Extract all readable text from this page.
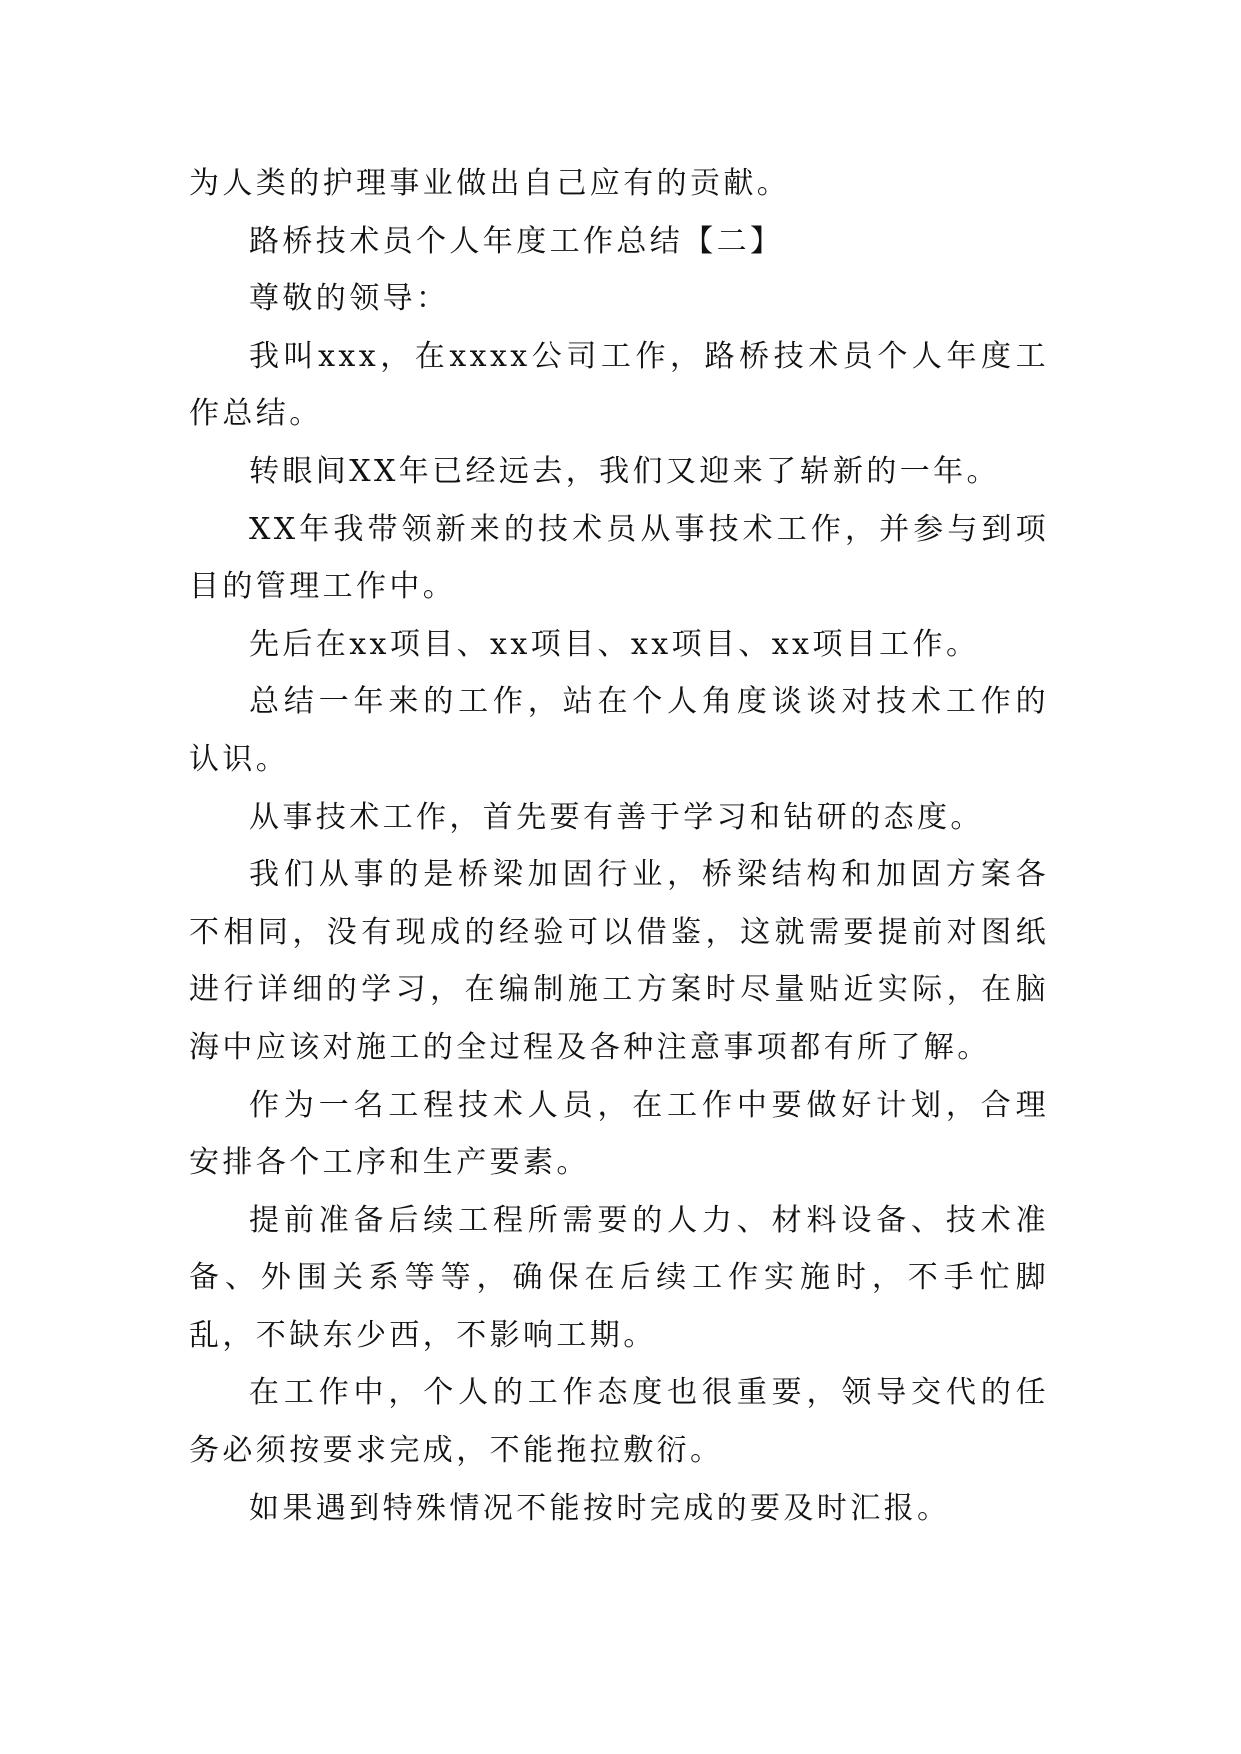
为人类的护理事业做出自己应有的贡献。

路桥技术员个人年度工作总结【二】

尊敬的领导：

我叫xxx，在xxxx公司工作，路桥技术员个人年度工作总结。

转眼间XX年已经远去，我们又迎来了崭新的一年。

XX年我带领新来的技术员从事技术工作，并参与到项目的管理工作中。

先后在xx项目、xx项目、xx项目、xx项目工作。

总结一年来的工作，站在个人角度谈谈对技术工作的认识。

从事技术工作，首先要有善于学习和钻研的态度。

我们从事的是桥梁加固行业，桥梁结构和加固方案各不相同，没有现成的经验可以借鉴，这就需要提前对图纸进行详细的学习，在编制施工方案时尽量贴近实际，在脑海中应该对施工的全过程及各种注意事项都有所了解。

作为一名工程技术人员，在工作中要做好计划，合理安排各个工序和生产要素。

提前准备后续工程所需要的人力、材料设备、技术准备、外围关系等等，确保在后续工作实施时，不手忙脚乱，不缺东少西，不影响工期。

在工作中，个人的工作态度也很重要，领导交代的任务必须按要求完成，不能拖拉敷衍。

如果遇到特殊情况不能按时完成的要及时汇报。
